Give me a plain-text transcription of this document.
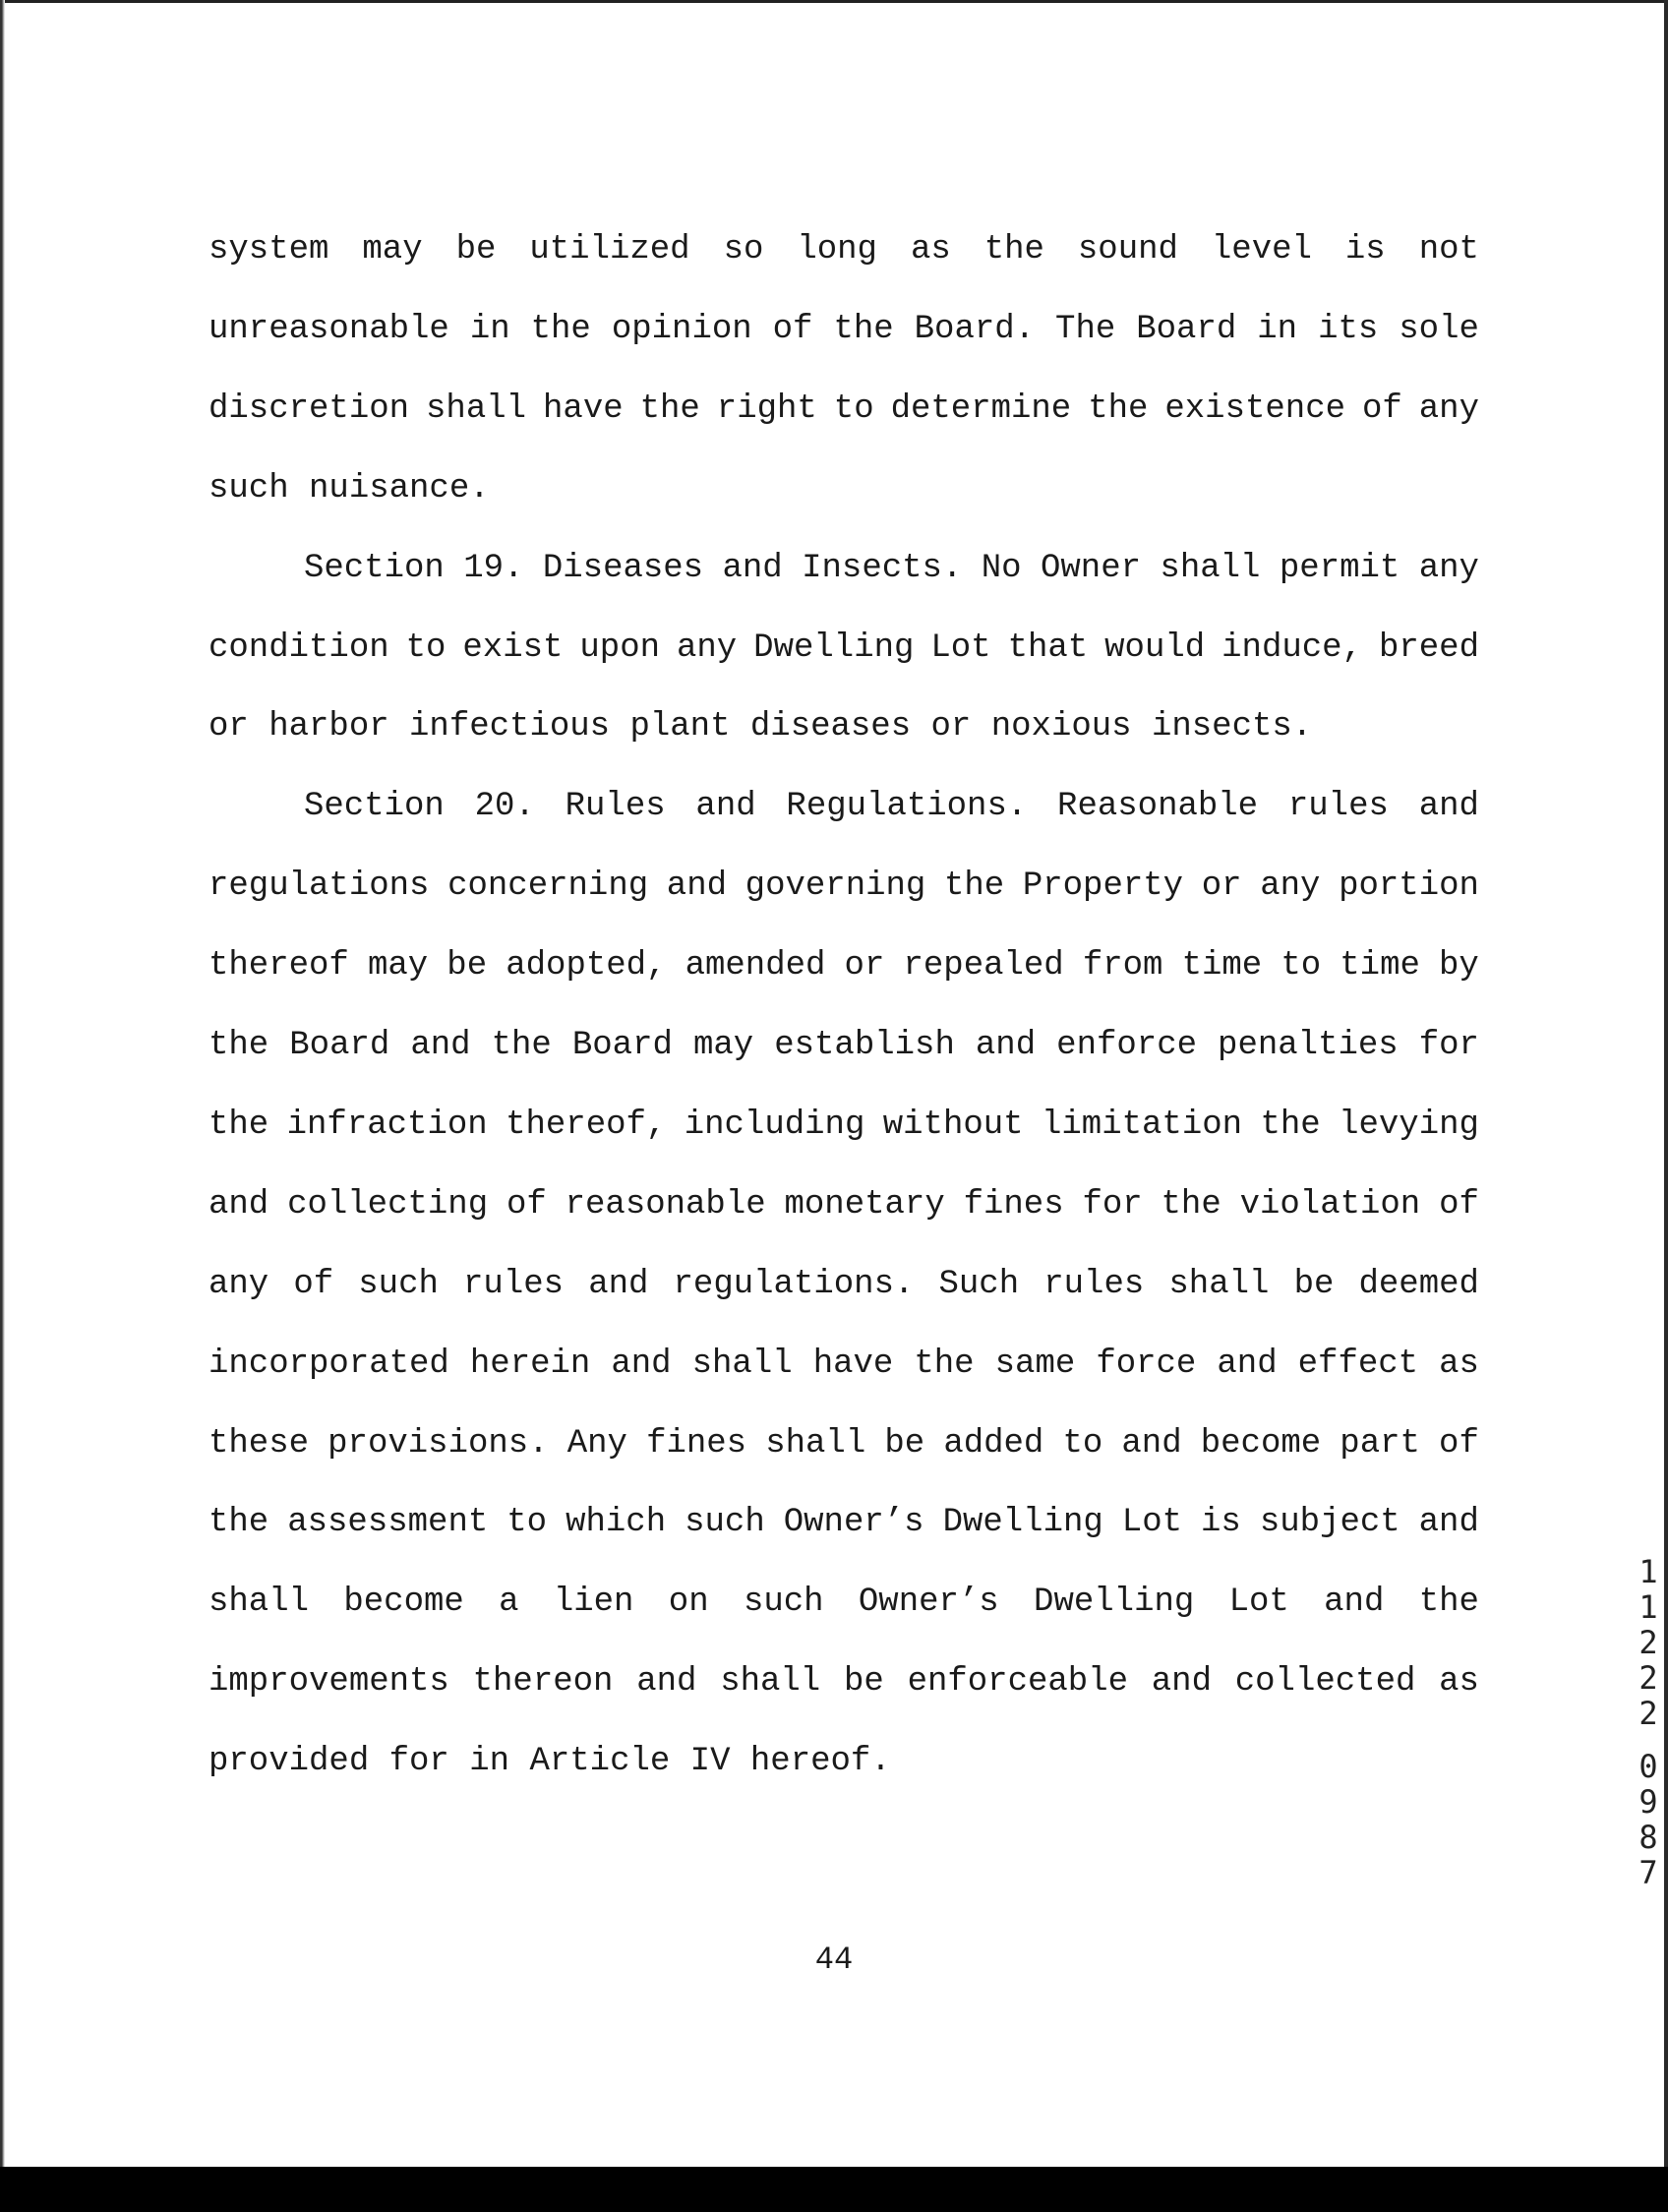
system may be utilized so long as the sound level is not
unreasonable in the opinion of the Board. The Board in its sole
discretion shall have the right to determine the existence of any
such nuisance.
Section 19. Diseases and Insects. No Owner shall permit any
condition to exist upon any Dwelling Lot that would induce, breed
or harbor infectious plant diseases or noxious insects.
Section 20. Rules and Regulations. Reasonable rules and
regulations concerning and governing the Property or any portion
thereof may be adopted, amended or repealed from time to time by
the Board and the Board may establish and enforce penalties for
the infraction thereof, including without limitation the levying
and collecting of reasonable monetary fines for the violation of
any of such rules and regulations. Such rules shall be deemed
incorporated herein and shall have the same force and effect as
these provisions. Any fines shall be added to and become part of
the assessment to which such Owner’s Dwelling Lot is subject and
shall become a lien on such Owner’s Dwelling Lot and the
improvements thereon and shall be enforceable and collected as
provided for in Article IV hereof.
44
1
1
2
2
2
0
9
8
7
